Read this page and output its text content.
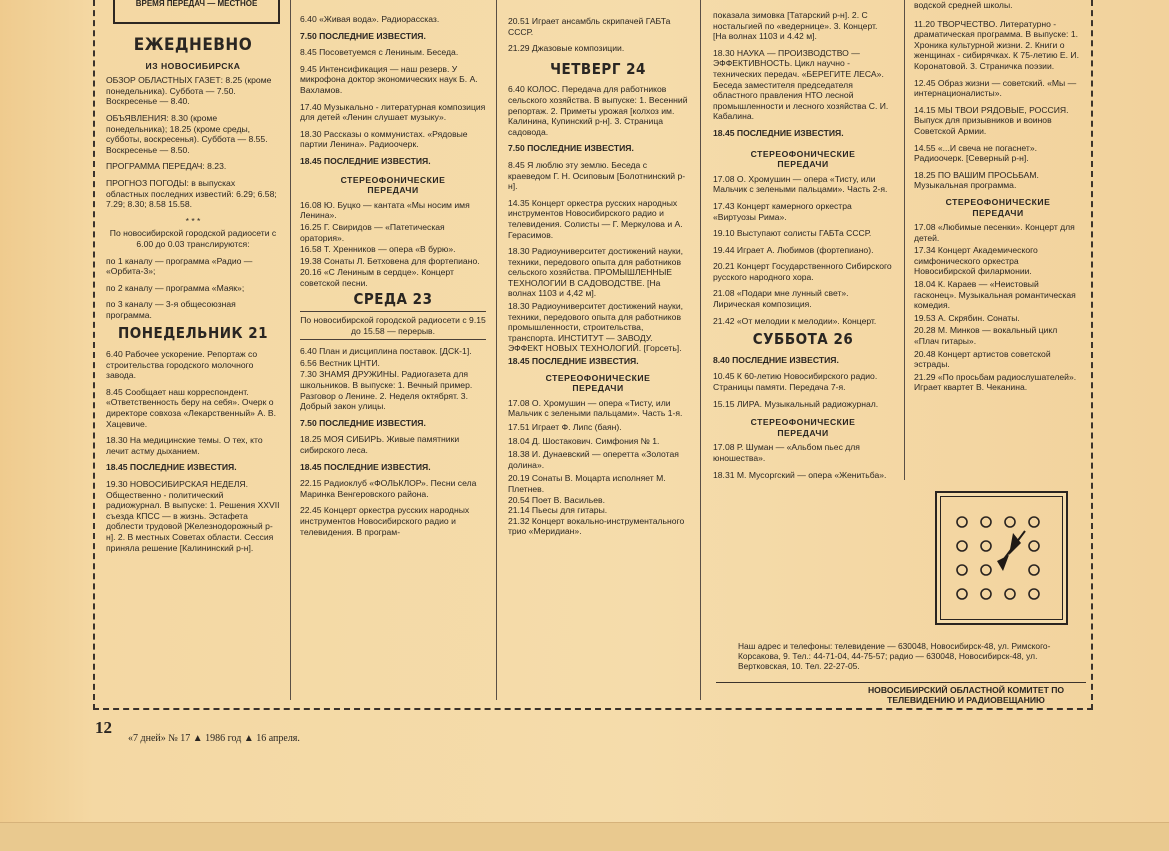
ВРЕМЯ ПЕРЕДАЧ — МЕСТНОЕ
ЕЖЕДНЕВНО
ИЗ НОВОСИБИРСКА

ОБЗОР ОБЛАСТНЫХ ГАЗЕТ: 8.25 (кроме понедельника). Суббота — 7.50. Воскресенье — 8.40.

ОБЪЯВЛЕНИЯ: 8.30 (кроме понедельника); 18.25 (кроме среды, субботы, воскресенья). Суббота — 8.55. Воскресенье — 8.50.

ПРОГРАММА ПЕРЕДАЧ: 8.23.

ПРОГНОЗ ПОГОДЫ: в выпусках областных последних известий: 6.29; 6.58; 7.29; 8.30; 8.58 15.58.

* * *

По новосибирской городской радиосети с 6.00 до 0.03 транслируются:

по 1 каналу — программа «Радио — «Орбита-3»;

по 2 каналу — программа «Маяк»;

по 3 каналу — 3-я общесоюзная программа.

ПОНЕДЕЛЬНИК 21

6.40 Рабочее ускорение. Репортаж со строительства городского молочного завода.

8.45 Сообщает наш корреспондент. «Ответственность беру на себя». Очерк о директоре совхоза «Лекарственный» А. В. Хацевиче.

18.30 На медицинские темы. О тех, кто лечит астму дыханием.

18.45 ПОСЛЕДНИЕ ИЗВЕСТИЯ.

19.30 НОВОСИБИРСКАЯ НЕДЕЛЯ. Общественно - политический радиожурнал. В выпуске: 1. Решения XXVII съезда КПСС — в жизнь. Эстафета доблести трудовой [Железнодорожный р-н]. 2. В местных Советах области. Сессия приняла решение [Калининский р-н].

6.40 «Живая вода». Радиорассказ.

7.50 ПОСЛЕДНИЕ ИЗВЕСТИЯ.

8.45 Посоветуемся с Лениным. Беседа.

9.45 Интенсификация — наш резерв. У микрофона доктор экономических наук Б. А. Вахламов.

17.40 Музыкально - литературная композиция для детей «Ленин слушает музыку».

18.30 Рассказы о коммунистах. «Рядовые партии Ленина». Радиоочерк.

18.45 ПОСЛЕДНИЕ ИЗВЕСТИЯ.

СТЕРЕОФОНИЧЕСКИЕ
ПЕРЕДАЧИ

16.08 Ю. Буцко — кантата «Мы носим имя Ленина».

16.25 Г. Свиридов — «Патетическая оратория».

16.58 Т. Хренников — опера «В бурю».

19.38 Сонаты Л. Бетховена для фортепиано.

20.16 «С Лениным в сердце». Концерт советской песни.

СРЕДА 23

По новосибирской городской радиосети с 9.15 до 15.58 — перерыв.

6.40 План и дисциплина поставок. [ДСК-1].

6.56 Вестник ЦНТИ.

7.30 ЗНАМЯ ДРУЖИНЫ. Радиогазета для школьников. В выпуске: 1. Вечный пример. Разговор о Ленине. 2. Неделя октябрят. 3. Добрый закон улицы.

7.50 ПОСЛЕДНИЕ ИЗВЕСТИЯ.

18.25 МОЯ СИБИРЬ. Живые памятники сибирского леса.

18.45 ПОСЛЕДНИЕ ИЗВЕСТИЯ.

22.15 Радиоклуб «ФОЛЬКЛОР». Песни села Маринка Венгеровского района.

22.45 Концерт оркестра русских народных инструментов Новосибирского радио и телевидения. В програм-

20.51 Играет ансамбль скрипачей ГАБТа СССР.

21.29 Джазовые композиции.

ЧЕТВЕРГ 24

6.40 КОЛОС. Передача для работников сельского хозяйства. В выпуске: 1. Весенний репортаж. 2. Приметы урожая [колхоз им. Калинина, Купинский р-н]. 3. Страница садовода.

7.50 ПОСЛЕДНИЕ ИЗВЕСТИЯ.

8.45 Я люблю эту землю. Беседа с краеведом Г. Н. Осиповым [Болотнинский р-н].

14.35 Концерт оркестра русских народных инструментов Новосибирского радио и телевидения. Солисты — Г. Меркулова и А. Герасимов.

18.30 Радиоуниверситет достижений науки, техники, передового опыта для работников сельского хозяйства. ПРОМЫШЛЕННЫЕ ТЕХНОЛОГИИ В САДОВОДСТВЕ. [На волнах 1103 и 4,42 м].

18.30 Радиоуниверситет достижений науки, техники, передового опыта для работников промышленности, строительства, транспорта. ИНСТИТУТ — ЗАВОДУ. ЭФФЕКТ НОВЫХ ТЕХНОЛОГИЙ. [Горсеть].

18.45 ПОСЛЕДНИЕ ИЗВЕСТИЯ.

СТЕРЕОФОНИЧЕСКИЕ
ПЕРЕДАЧИ

17.08 О. Хромушин — опера «Тисту, или Мальчик с зелеными пальцами». Часть 1-я.

17.51 Играет Ф. Липс (баян).

18.04 Д. Шостакович. Симфония № 1.

18.38 И. Дунаевский — оперетта «Золотая долина».

20.19 Сонаты В. Моцарта исполняет М. Плетнев.

20.54 Поет В. Васильев.

21.14 Пьесы для гитары.

21.32 Концерт вокально-инструментального трио «Меридиан».

показала зимовка [Татарский р-н]. 2. С ностальгией по «ведернице». 3. Концерт. [На волнах 1103 и 4.42 м].

18.30 НАУКА — ПРОИЗВОДСТВО — ЭФФЕКТИВНОСТЬ. Цикл научно - технических передач. «БЕРЕГИТЕ ЛЕСА». Беседа заместителя председателя областного правления НТО лесной промышленности и лесного хозяйства С. И. Кабалина.

18.45 ПОСЛЕДНИЕ ИЗВЕСТИЯ.

СТЕРЕОФОНИЧЕСКИЕ
ПЕРЕДАЧИ

17.08 О. Хромушин — опера «Тисту, или Мальчик с зелеными пальцами». Часть 2-я.

17.43 Концерт камерного оркестра «Виртуозы Рима».

19.10 Выступают солисты ГАБТа СССР.

19.44 Играет А. Любимов (фортепиано).

20.21 Концерт Государственного Сибирского русского народного хора.

21.08 «Подари мне лунный свет». Лирическая композиция.

21.42 «От мелодии к мелодии». Концерт.

СУББОТА 26

8.40 ПОСЛЕДНИЕ ИЗВЕСТИЯ.

10.45 К 60-летию Новосибирского радио. Страницы памяти. Передача 7-я.

15.15 ЛИРА. Музыкальный радиожурнал.

СТЕРЕОФОНИЧЕСКИЕ
ПЕРЕДАЧИ

17.08 Р. Шуман — «Альбом пьес для юношества».

18.31 М. Мусоргский — опера «Женитьба».

водской средней школы.

11.20 ТВОРЧЕСТВО. Литературно - драматическая программа. В выпуске: 1. Хроника культурной жизни. 2. Книги о женщинах - сибирячках. К 75-летию Е. И. Коронатовой. 3. Страничка поэзии.

12.45 Образ жизни — советский. «Мы — интернационалисты».

14.15 МЫ ТВОИ РЯДОВЫЕ, РОССИЯ. Выпуск для призывников и воинов Советской Армии.

14.55 «...И свеча не погаснет». Радиоочерк. [Северный р-н].

18.25 ПО ВАШИМ ПРОСЬБАМ. Музыкальная программа.

СТЕРЕОФОНИЧЕСКИЕ
ПЕРЕДАЧИ

17.08 «Любимые песенки». Концерт для детей.

17.34 Концерт Академического симфонического оркестра Новосибирской филармонии.

18.04 К. Караев — «Неистовый гасконец». Музыкальная романтическая комедия.

19.53 А. Скрябин. Сонаты.

20.28 М. Минков — вокальный цикл «Плач гитары».

20.48 Концерт артистов советской эстрады.

21.29 «По просьбам радиослушателей». Играет квартет В. Чеканина.

Наш адрес и телефоны: телевидение — 630048, Новосибирск-48, ул. Римского-Корсакова, 9. Тел.: 44-71-04, 44-75-57; радио — 630048, Новосибирск-48, ул. Вертковская, 10. Тел. 22-27-05.
НОВОСИБИРСКИЙ ОБЛАСТНОЙ КОМИТЕТ ПО ТЕЛЕВИДЕНИЮ И РАДИОВЕЩАНИЮ
12
«7 дней» № 17 ▲ 1986 год ▲ 16 апреля.
